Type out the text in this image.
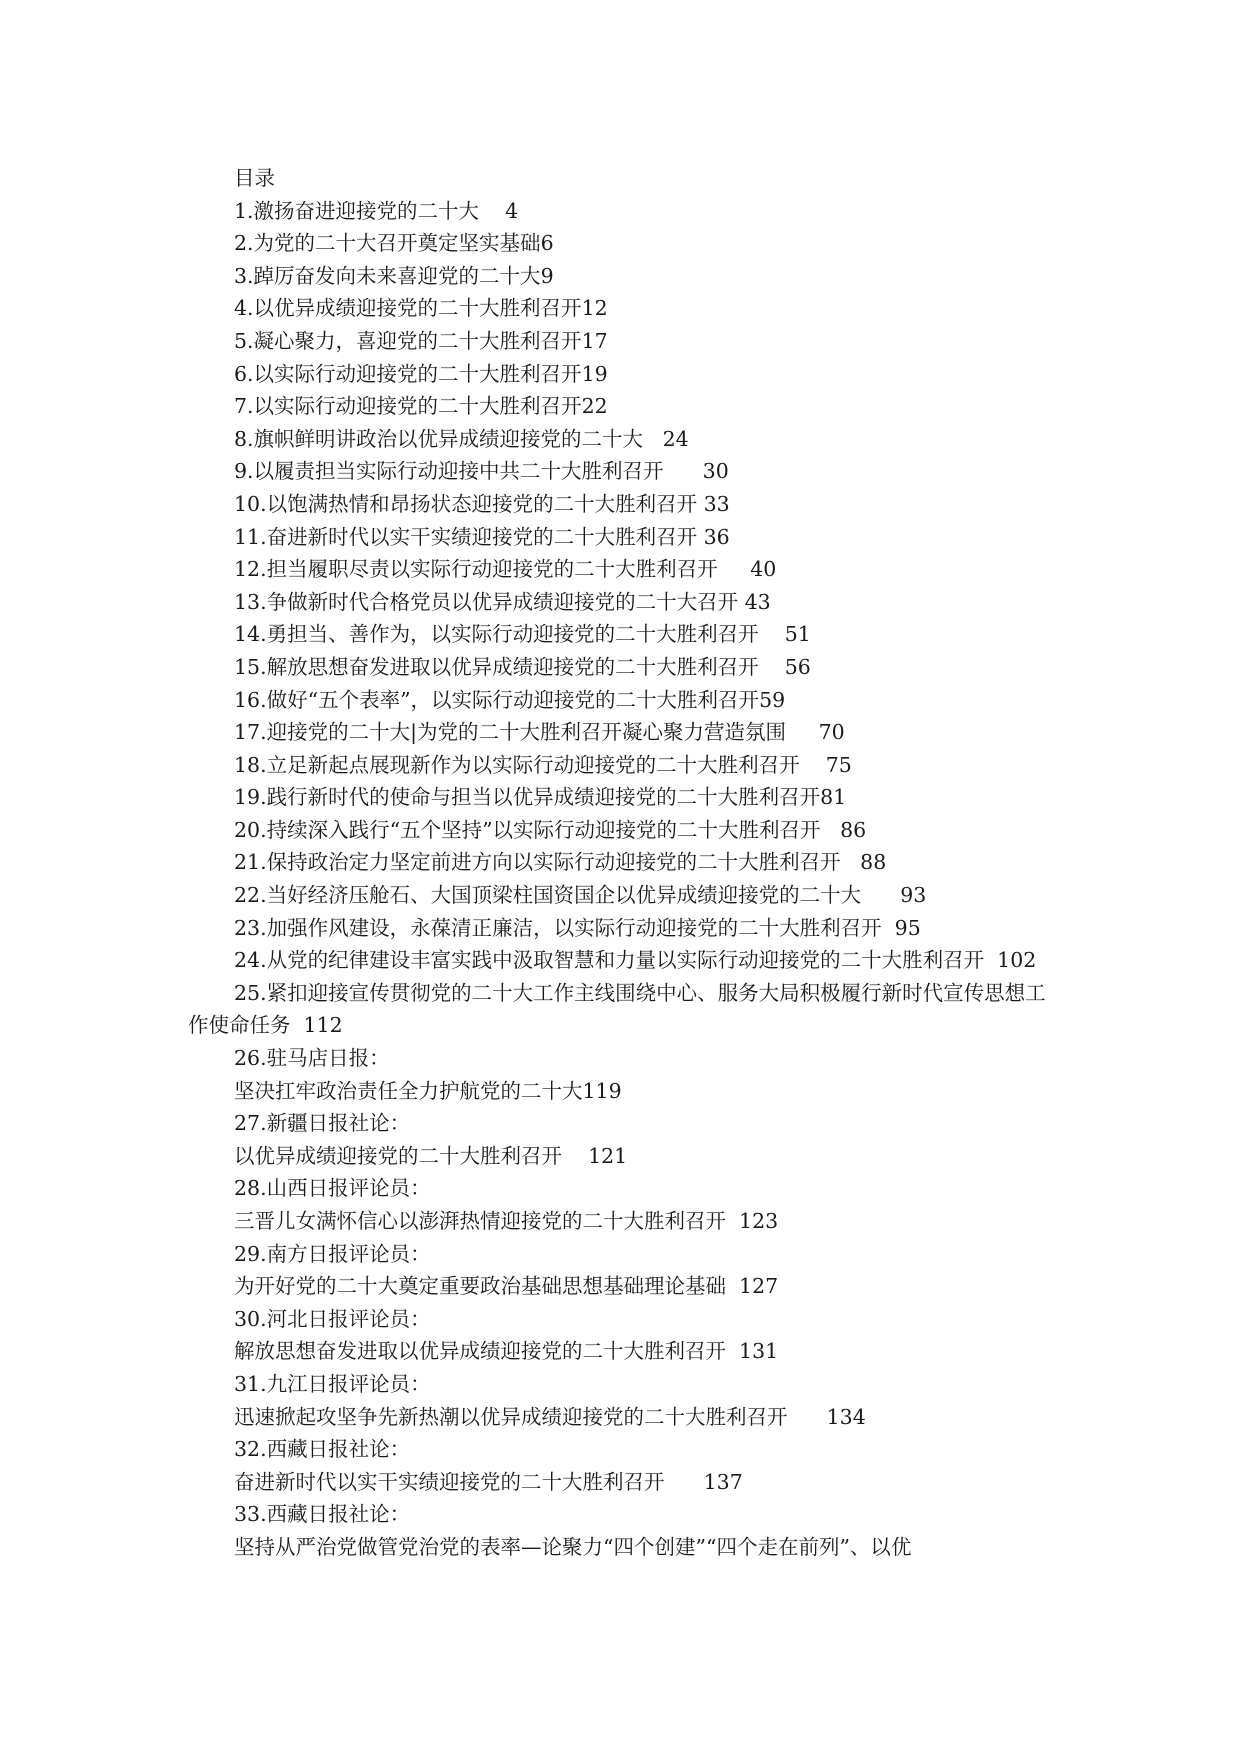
目录
1.激扬奋进迎接党的二十大 4
2.为党的二十大召开奠定坚实基础6
3.踔厉奋发向未来喜迎党的二十大9
4.以优异成绩迎接党的二十大胜利召开12
5.凝心聚力，喜迎党的二十大胜利召开17
6.以实际行动迎接党的二十大胜利召开19
7.以实际行动迎接党的二十大胜利召开22
8.旗帜鲜明讲政治以优异成绩迎接党的二十大 24
9.以履责担当实际行动迎接中共二十大胜利召开 30
10.以饱满热情和昂扬状态迎接党的二十大胜利召开 33
11.奋进新时代以实干实绩迎接党的二十大胜利召开 36
12.担当履职尽责以实际行动迎接党的二十大胜利召开 40
13.争做新时代合格党员以优异成绩迎接党的二十大召开 43
14.勇担当、善作为，以实际行动迎接党的二十大胜利召开 51
15.解放思想奋发进取以优异成绩迎接党的二十大胜利召开 56
16.做好“五个表率”，以实际行动迎接党的二十大胜利召开59
17.迎接党的二十大|为党的二十大胜利召开凝心聚力营造氛围 70
18.立足新起点展现新作为以实际行动迎接党的二十大胜利召开 75
19.践行新时代的使命与担当以优异成绩迎接党的二十大胜利召开81
20.持续深入践行“五个坚持”以实际行动迎接党的二十大胜利召开 86
21.保持政治定力坚定前进方向以实际行动迎接党的二十大胜利召开 88
22.当好经济压舱石、大国顶梁柱国资国企以优异成绩迎接党的二十大 93
23.加强作风建设，永葆清正廉洁，以实际行动迎接党的二十大胜利召开 95
24.从党的纪律建设丰富实践中汲取智慧和力量以实际行动迎接党的二十大胜利召开 102
25.紧扣迎接宣传贯彻党的二十大工作主线围绕中心、服务大局积极履行新时代宣传思想工作使命任务 112
26.驻马店日报：
坚决扛牢政治责任全力护航党的二十大119
27.新疆日报社论：
以优异成绩迎接党的二十大胜利召开 121
28.山西日报评论员：
三晋儿女满怀信心以澎湃热情迎接党的二十大胜利召开 123
29.南方日报评论员：
为开好党的二十大奠定重要政治基础思想基础理论基础 127
30.河北日报评论员：
解放思想奋发进取以优异成绩迎接党的二十大胜利召开 131
31.九江日报评论员：
迅速掀起攻坚争先新热潮以优异成绩迎接党的二十大胜利召开 134
32.西藏日报社论：
奋进新时代以实干实绩迎接党的二十大胜利召开 137
33.西藏日报社论：
坚持从严治党做管党治党的表率—论聚力“四个创建”“四个走在前列”、以优
